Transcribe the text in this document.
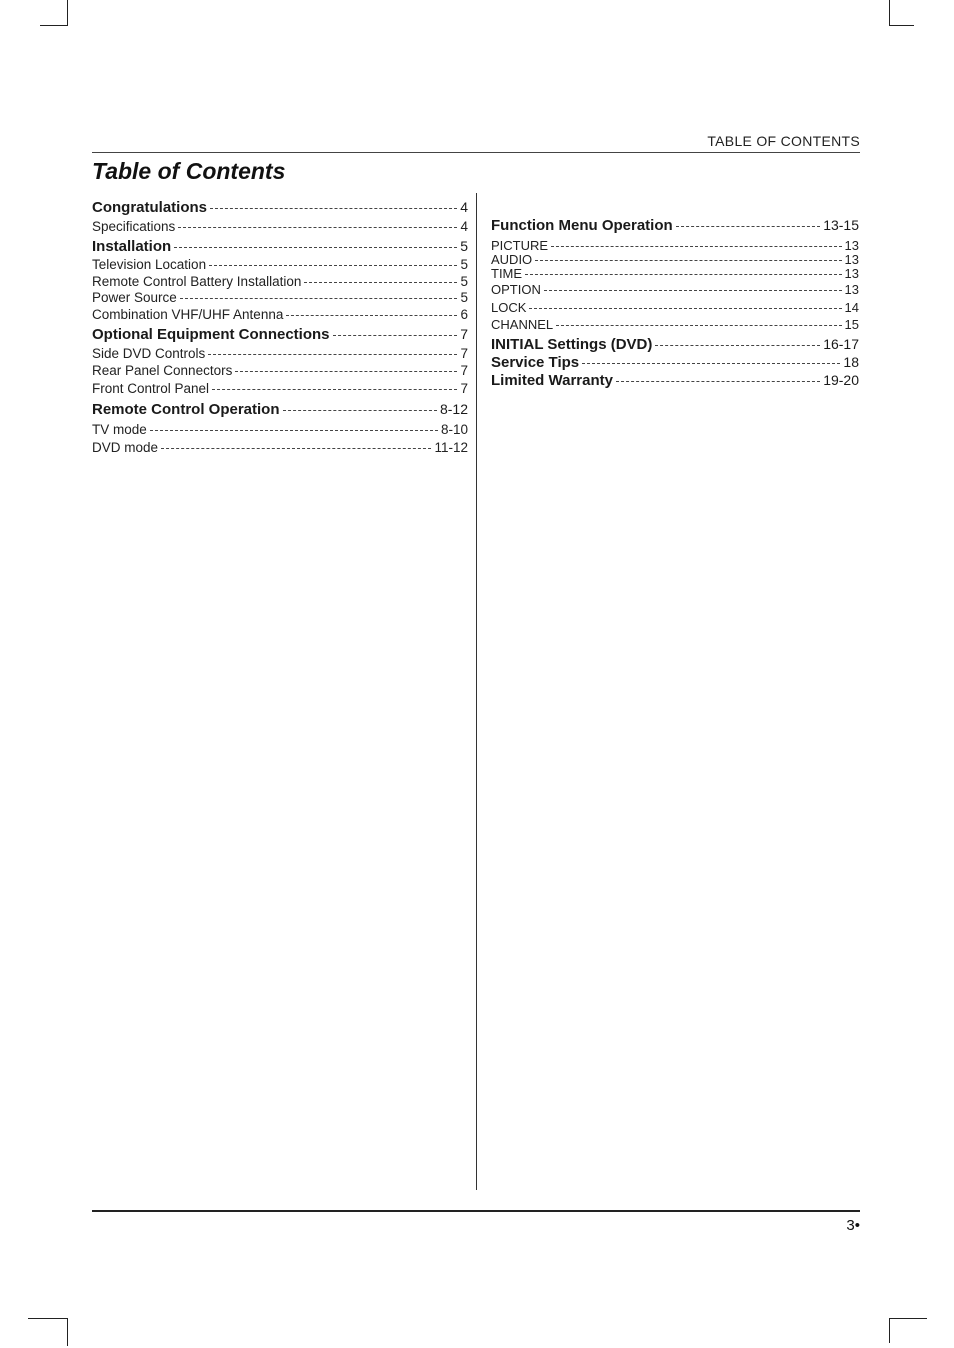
TABLE OF CONTENTS
Table of Contents
Congratulations	4
Specifications	4
Installation	5
Television Location	5
Remote Control Battery Installation	5
Power Source	5
Combination VHF/UHF Antenna	6
Optional Equipment Connections	7
Side DVD Controls	7
Rear Panel Connectors	7
Front Control Panel	7
Remote Control Operation	8-12
TV mode	8-10
DVD mode	11-12
Function Menu Operation	13-15
PICTURE	13
AUDIO	13
TIME	13
OPTION	13
LOCK	14
CHANNEL	15
INITIAL Settings (DVD)	16-17
Service Tips	18
Limited Warranty	19-20
3•
